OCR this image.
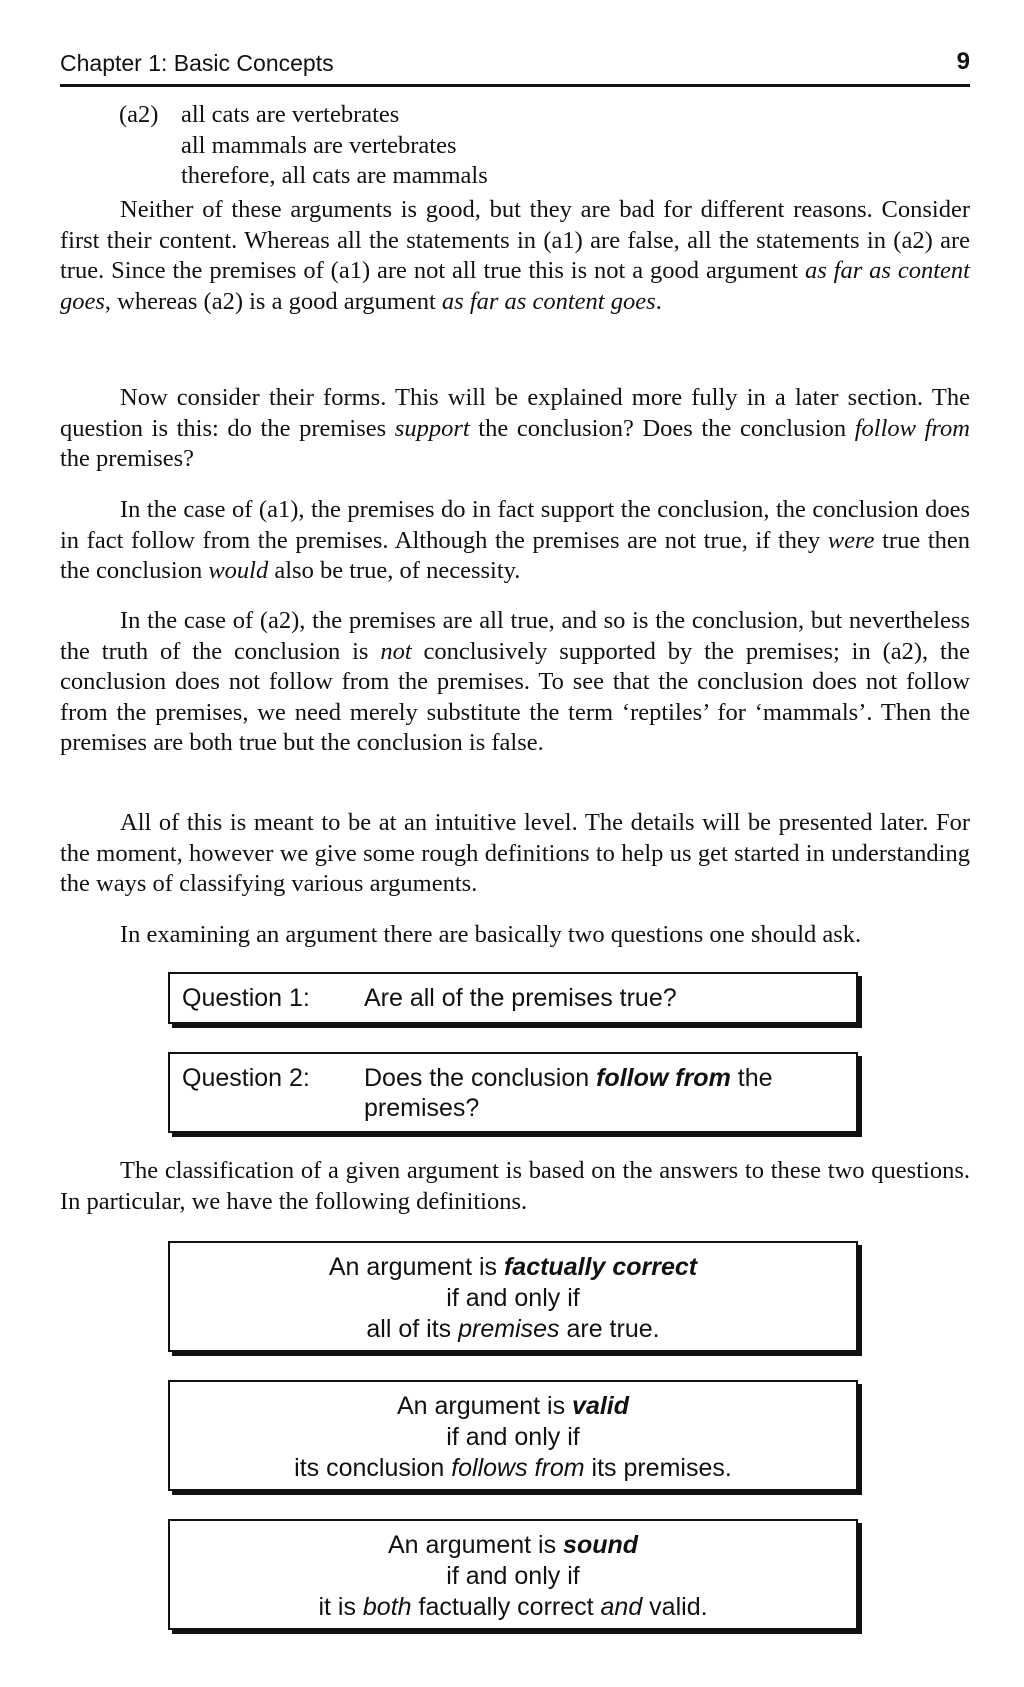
Chapter 1: Basic Concepts	9
(a2) all cats are vertebrates
all mammals are vertebrates
therefore, all cats are mammals

Neither of these arguments is good, but they are bad for different reasons. Consider first their content. Whereas all the statements in (a1) are false, all the statements in (a2) are true. Since the premises of (a1) are not all true this is not a good argument as far as content goes, whereas (a2) is a good argument as far as content goes.

Now consider their forms. This will be explained more fully in a later section. The question is this: do the premises support the conclusion? Does the conclusion follow from the premises?

In the case of (a1), the premises do in fact support the conclusion, the conclusion does in fact follow from the premises. Although the premises are not true, if they were true then the conclusion would also be true, of necessity.

In the case of (a2), the premises are all true, and so is the conclusion, but nevertheless the truth of the conclusion is not conclusively supported by the premises; in (a2), the conclusion does not follow from the premises. To see that the conclusion does not follow from the premises, we need merely substitute the term ‘reptiles’ for ‘mammals’. Then the premises are both true but the conclusion is false.

All of this is meant to be at an intuitive level. The details will be presented later. For the moment, however we give some rough definitions to help us get started in understanding the ways of classifying various arguments.

In examining an argument there are basically two questions one should ask.

Question 1: Are all of the premises true?
Question 2: Does the conclusion follow from the premises?

The classification of a given argument is based on the answers to these two questions. In particular, we have the following definitions.

An argument is factually correct
if and only if
all of its premises are true.
An argument is valid
if and only if
its conclusion follows from its premises.
An argument is sound
if and only if
it is both factually correct and valid.
